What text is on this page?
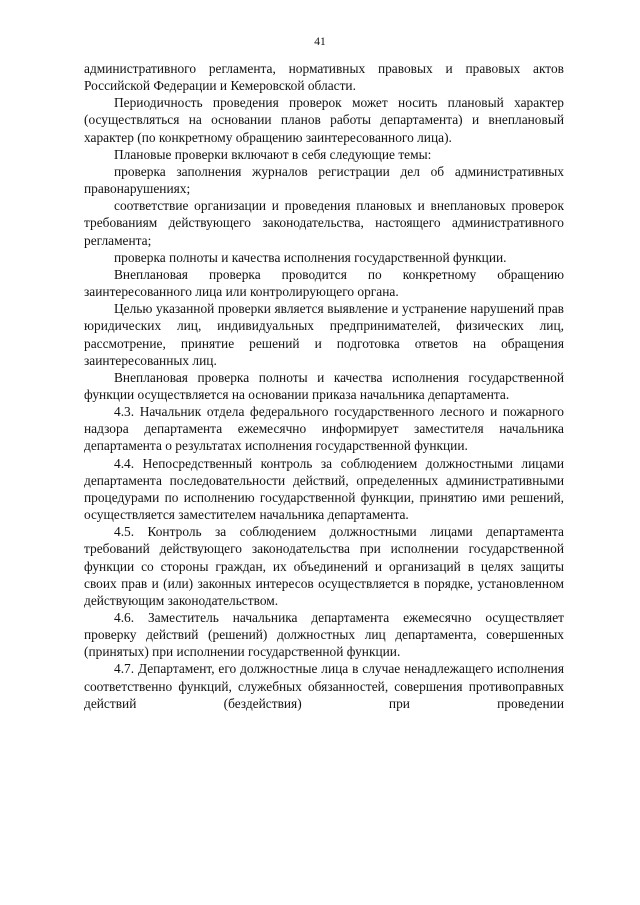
41

административного регламента, нормативных правовых и правовых актов Российской Федерации и Кемеровской области.

Периодичность проведения проверок может носить плановый характер (осуществляться на основании планов работы департамента) и внеплановый характер (по конкретному обращению заинтересованного лица).

Плановые проверки включают в себя следующие темы:

проверка заполнения журналов регистрации дел об административных правонарушениях;

соответствие организации и проведения плановых и внеплановых проверок требованиям действующего законодательства, настоящего административного регламента;

проверка полноты и качества исполнения государственной функции.

Внеплановая проверка проводится по конкретному обращению заинтересованного лица или контролирующего органа.

Целью указанной проверки является выявление и устранение нарушений прав юридических лиц, индивидуальных предпринимателей, физических лиц, рассмотрение, принятие решений и подготовка ответов на обращения заинтересованных лиц.

Внеплановая проверка полноты и качества исполнения государственной функции осуществляется на основании приказа начальника департамента.

4.3. Начальник отдела федерального государственного лесного и пожарного надзора департамента ежемесячно информирует заместителя начальника департамента о результатах исполнения государственной функции.

4.4. Непосредственный контроль за соблюдением должностными лицами департамента последовательности действий, определенных административными процедурами по исполнению государственной функции, принятию ими решений, осуществляется заместителем начальника департамента.

4.5. Контроль за соблюдением должностными лицами департамента требований действующего законодательства при исполнении государственной функции со стороны граждан, их объединений и организаций в целях защиты своих прав и (или) законных интересов осуществляется в порядке, установленном действующим законодательством.

4.6. Заместитель начальника департамента ежемесячно осуществляет проверку действий (решений) должностных лиц департамента, совершенных (принятых) при исполнении государственной функции.

4.7. Департамент, его должностные лица в случае ненадлежащего исполнения соответственно функций, служебных обязанностей, совершения противоправных действий (бездействия) при проведении
